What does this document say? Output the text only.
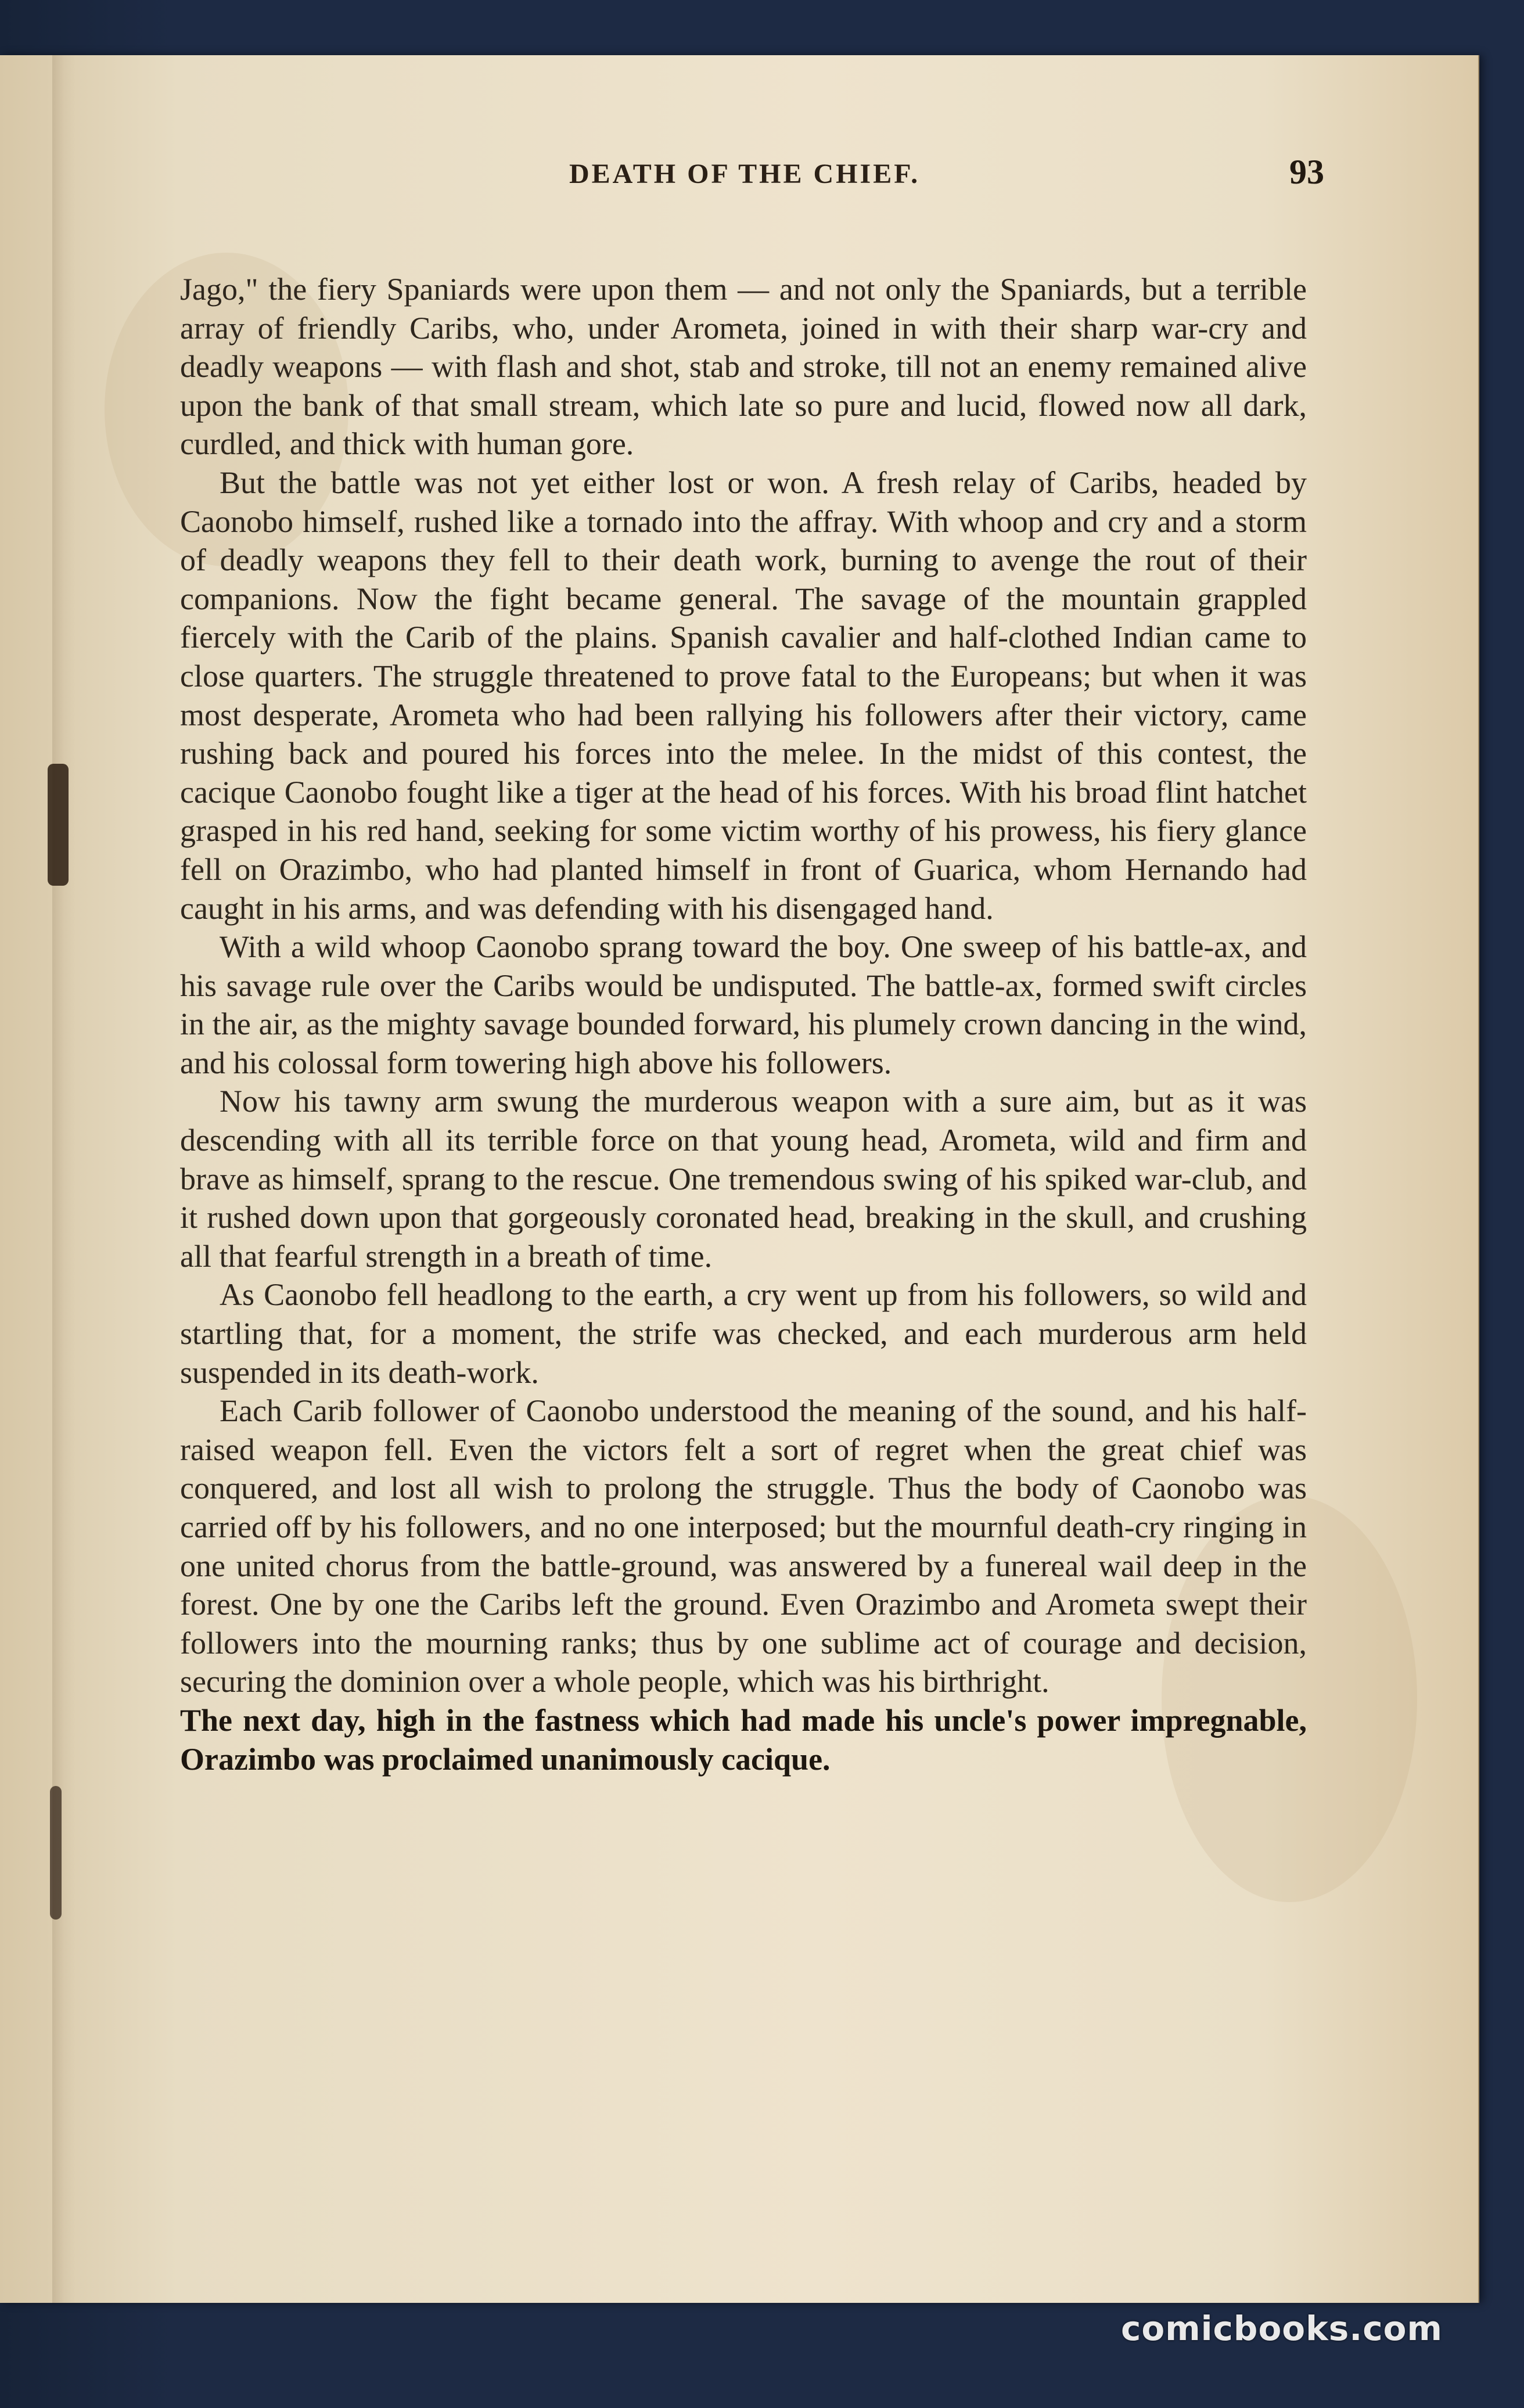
DEATH OF THE CHIEF.	93

Jago," the fiery Spaniards were upon them — and not only the Spaniards, but a terrible array of friendly Caribs, who, under Arometa, joined in with their sharp war-cry and deadly weapons — with flash and shot, stab and stroke, till not an enemy remained alive upon the bank of that small stream, which late so pure and lucid, flowed now all dark, curdled, and thick with human gore.

But the battle was not yet either lost or won. A fresh relay of Caribs, headed by Caonobo himself, rushed like a tornado into the affray. With whoop and cry and a storm of deadly weapons they fell to their death work, burning to avenge the rout of their companions. Now the fight became general. The savage of the mountain grappled fiercely with the Carib of the plains. Spanish cavalier and half-clothed Indian came to close quarters. The struggle threatened to prove fatal to the Europeans; but when it was most desperate, Arometa who had been rallying his followers after their victory, came rushing back and poured his forces into the melee. In the midst of this contest, the cacique Caonobo fought like a tiger at the head of his forces. With his broad flint hatchet grasped in his red hand, seeking for some victim worthy of his prowess, his fiery glance fell on Orazimbo, who had planted himself in front of Guarica, whom Hernando had caught in his arms, and was defending with his disengaged hand.

With a wild whoop Caonobo sprang toward the boy. One sweep of his battle-ax, and his savage rule over the Caribs would be undisputed. The battle-ax, formed swift circles in the air, as the mighty savage bounded forward, his plumely crown dancing in the wind, and his colossal form towering high above his followers.

Now his tawny arm swung the murderous weapon with a sure aim, but as it was descending with all its terrible force on that young head, Arometa, wild and firm and brave as himself, sprang to the rescue. One tremendous swing of his spiked war-club, and it rushed down upon that gorgeously coronated head, breaking in the skull, and crushing all that fearful strength in a breath of time.

As Caonobo fell headlong to the earth, a cry went up from his followers, so wild and startling that, for a moment, the strife was checked, and each murderous arm held suspended in its death-work.

Each Carib follower of Caonobo understood the meaning of the sound, and his half-raised weapon fell. Even the victors felt a sort of regret when the great chief was conquered, and lost all wish to prolong the struggle. Thus the body of Caonobo was carried off by his followers, and no one interposed; but the mournful death-cry ringing in one united chorus from the battle-ground, was answered by a funereal wail deep in the forest. One by one the Caribs left the ground. Even Orazimbo and Arometa swept their followers into the mourning ranks; thus by one sublime act of courage and decision, securing the dominion over a whole people, which was his birthright.

The next day, high in the fastness which had made his uncle's power impregnable, Orazimbo was proclaimed unanimously cacique.

comicbooks.com
